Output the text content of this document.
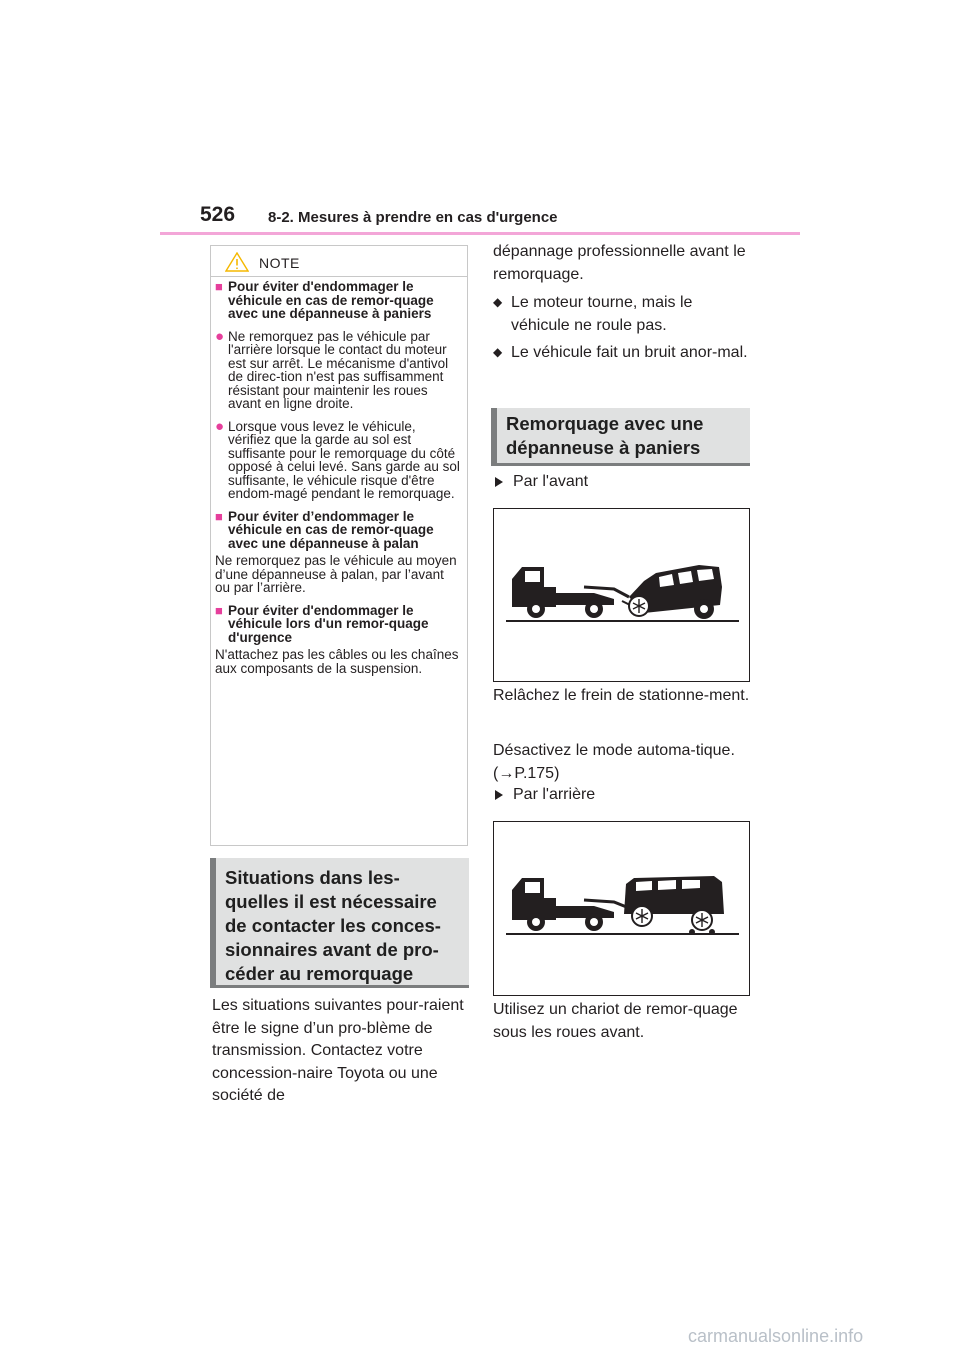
526 8-2. Mesures à prendre en cas d'urgence
NOTE
■ Pour éviter d'endommager le véhicule en cas de remor-quage avec une dépanneuse à paniers
● Ne remorquez pas le véhicule par l'arrière lorsque le contact du moteur est sur arrêt. Le mécanisme d'antivol de direc-tion n'est pas suffisamment résistant pour maintenir les roues avant en ligne droite.
● Lorsque vous levez le véhicule, vérifiez que la garde au sol est suffisante pour le remorquage du côté opposé à celui levé. Sans garde au sol suffisante, le véhicule risque d'être endom-magé pendant le remorquage.
■ Pour éviter d’endommager le véhicule en cas de remor-quage avec une dépanneuse à palan
Ne remorquez pas le véhicule au moyen d’une dépanneuse à palan, par l’avant ou par l’arrière.
■ Pour éviter d'endommager le véhicule lors d'un remor-quage d'urgence
N'attachez pas les câbles ou les chaînes aux composants de la suspension.
Situations dans les-quelles il est nécessaire de contacter les conces-sionnaires avant de pro-céder au remorquage
Les situations suivantes pour-raient être le signe d’un pro-blème de transmission. Contactez votre concession-naire Toyota ou une société de
dépannage professionnelle avant le remorquage.
◆ Le moteur tourne, mais le véhicule ne roule pas.
◆ Le véhicule fait un bruit anor-mal.
Remorquage avec une dépanneuse à paniers
Par l'avant
Relâchez le frein de stationne-ment.
Désactivez le mode automa-tique. (→P.175)
Par l'arrière
Utilisez un chariot de remor-quage sous les roues avant.
carmanualsonline.info
